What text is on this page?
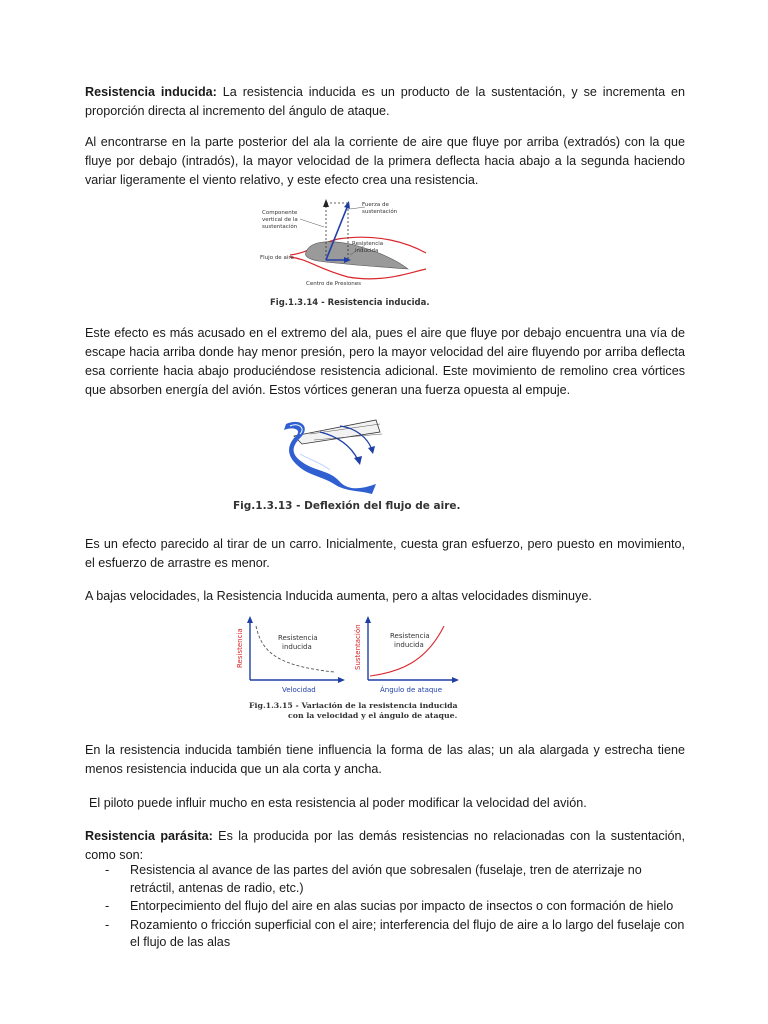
Resistencia inducida: La resistencia inducida es un producto de la sustentación, y se incrementa en proporción directa al incremento del ángulo de ataque.

Al encontrarse en la parte posterior del ala la corriente de aire que fluye por arriba (extradós) con la que fluye por debajo (intradós), la mayor velocidad de la primera deflecta hacia abajo a la segunda haciendo variar ligeramente el viento relativo, y este efecto crea una resistencia.

Componente
vertical de la
sustentación
Fuerza de
sustentación
Resistencia
inducida
Flujo de aire
Centro de Presiones
Fig.1.3.14 - Resistencia inducida.

Este efecto es más acusado en el extremo del ala, pues el aire que fluye por debajo encuentra una vía de escape hacia arriba donde hay menor presión, pero la mayor velocidad del aire fluyendo por arriba deflecta esa corriente hacia abajo produciéndose resistencia adicional. Este movimiento de remolino crea vórtices que absorben energía del avión. Estos vórtices generan una fuerza opuesta al empuje.

Fig.1.3.13 - Deflexión del flujo de aire.

Es un efecto parecido al tirar de un carro. Inicialmente, cuesta gran esfuerzo, pero puesto en movimiento, el esfuerzo de arrastre es menor.

A bajas velocidades, la Resistencia Inducida aumenta, pero a altas velocidades disminuye.

Resistencia
Velocidad
Resistencia
inducida	Sustentación
Ángulo de ataque
Resistencia
inducida
Fig.1.3.15 - Variación de la resistencia inducida
con la velocidad y el ángulo de ataque.

En la resistencia inducida también tiene influencia la forma de las alas; un ala alargada y estrecha tiene menos resistencia inducida que un ala corta y ancha.

El piloto puede influir mucho en esta resistencia al poder modificar la velocidad del avión.

Resistencia parásita: Es la producida por las demás resistencias no relacionadas con la sustentación, como son:

- Resistencia al avance de las partes del avión que sobresalen (fuselaje, tren de aterrizaje no retráctil, antenas de radio, etc.)
- Entorpecimiento del flujo del aire en alas sucias por impacto de insectos o con formación de hielo
- Rozamiento o fricción superficial con el aire; interferencia del flujo de aire a lo largo del fuselaje con el flujo de las alas
